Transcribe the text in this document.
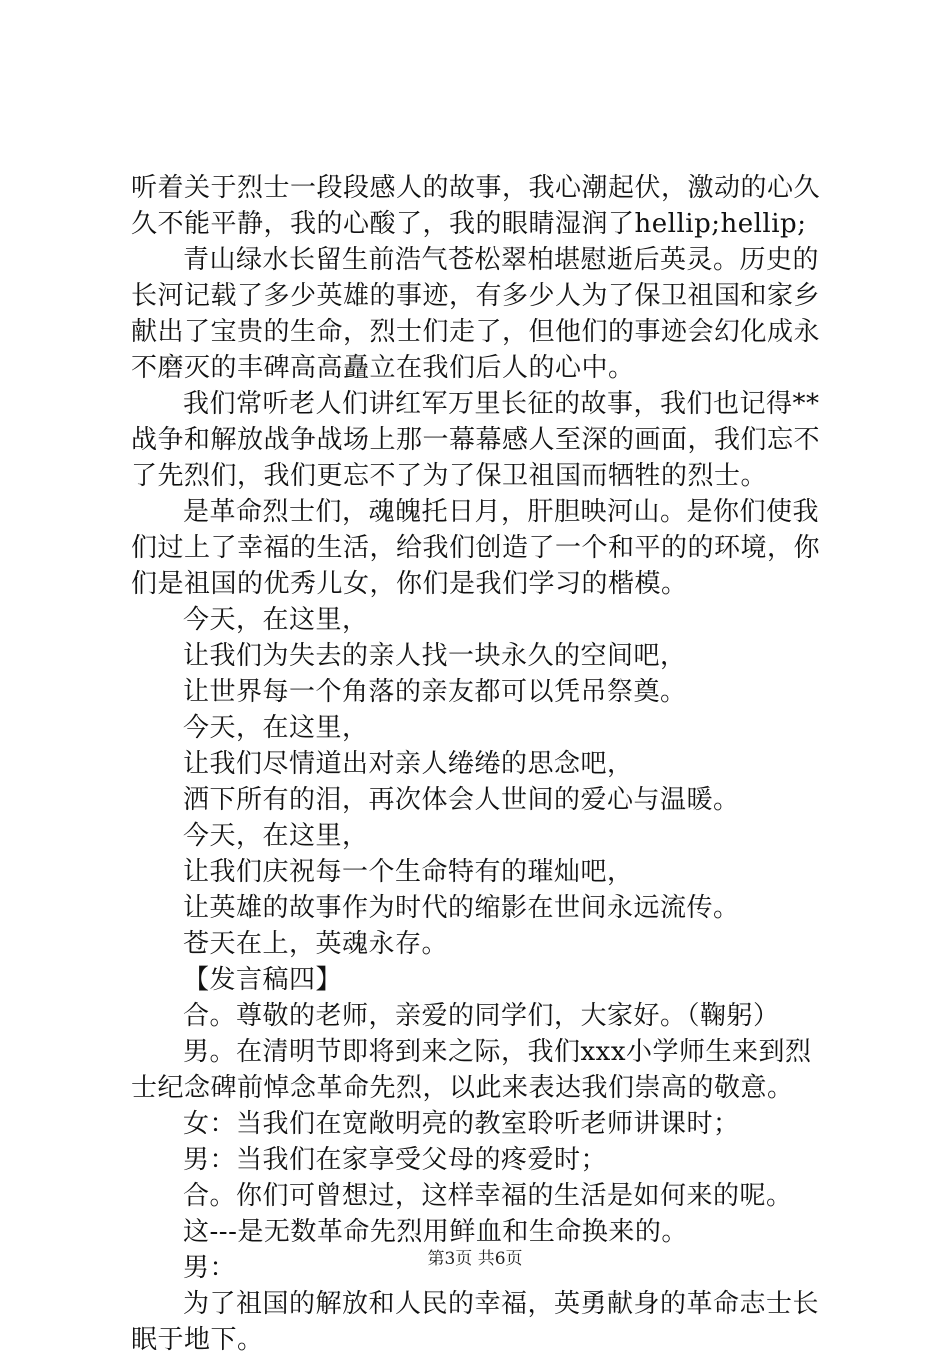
听着关于烈士一段段感人的故事，我心潮起伏，激动的心久久不能平静，我的心酸了，我的眼睛湿润了hellip;hellip;

青山绿水长留生前浩气苍松翠柏堪慰逝后英灵。历史的长河记载了多少英雄的事迹，有多少人为了保卫祖国和家乡献出了宝贵的生命，烈士们走了，但他们的事迹会幻化成永不磨灭的丰碑高高矗立在我们后人的心中。

我们常听老人们讲红军万里长征的故事，我们也记得**战争和解放战争战场上那一幕幕感人至深的画面，我们忘不了先烈们，我们更忘不了为了保卫祖国而牺牲的烈士。

是革命烈士们，魂魄托日月，肝胆映河山。是你们使我们过上了幸福的生活，给我们创造了一个和平的的环境，你们是祖国的优秀儿女，你们是我们学习的楷模。

今天，在这里，

让我们为失去的亲人找一块永久的空间吧，

让世界每一个角落的亲友都可以凭吊祭奠。

今天，在这里，

让我们尽情道出对亲人绻绻的思念吧，

洒下所有的泪，再次体会人世间的爱心与温暖。

今天，在这里，

让我们庆祝每一个生命特有的璀灿吧，

让英雄的故事作为时代的缩影在世间永远流传。

苍天在上，英魂永存。

【发言稿四】

合。尊敬的老师，亲爱的同学们，大家好。（鞠躬）

男。在清明节即将到来之际，我们xxx小学师生来到烈士纪念碑前悼念革命先烈，以此来表达我们崇高的敬意。

女：当我们在宽敞明亮的教室聆听老师讲课时；

男：当我们在家享受父母的疼爱时；

合。你们可曾想过，这样幸福的生活是如何来的呢。

这---是无数革命先烈用鲜血和生命换来的。

男：

为了祖国的解放和人民的幸福，英勇献身的革命志士长眠于地下。

第3页 共6页
